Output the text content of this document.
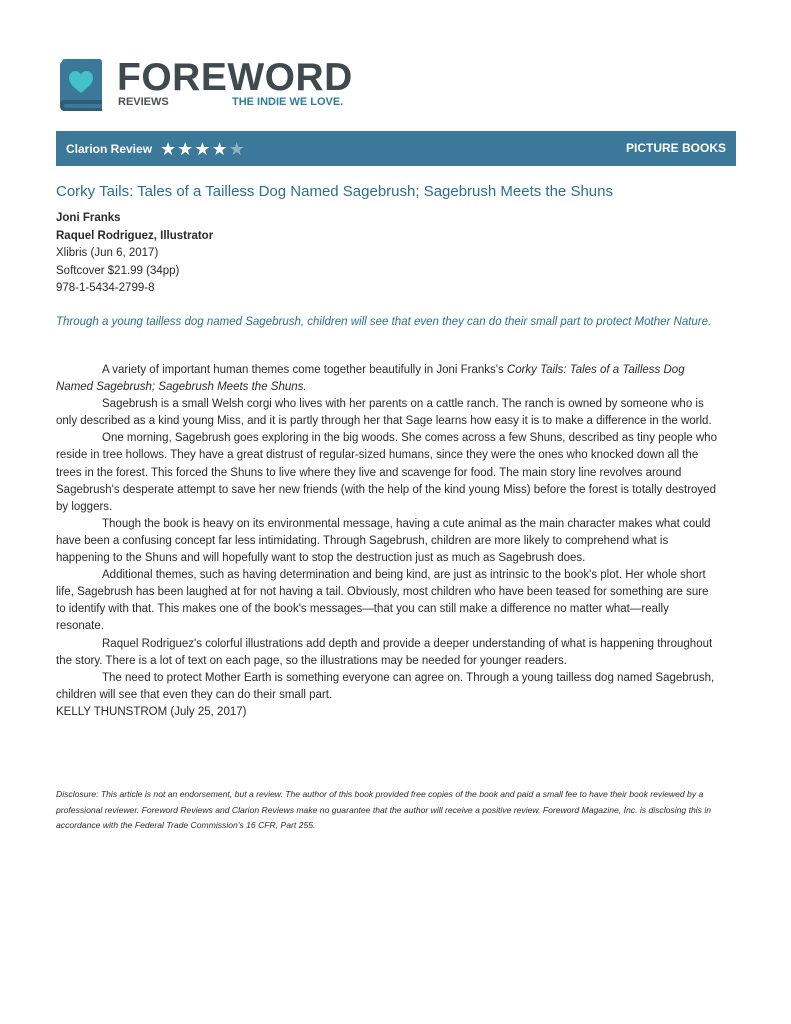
FOREWORD
REVIEWS	THE INDIE WE LOVE.
Clarion Review ★ ★ ★ ★ ★	PICTURE BOOKS
Corky Tails: Tales of a Tailless Dog Named Sagebrush; Sagebrush Meets the Shuns
Joni Franks
Raquel Rodriguez, Illustrator
Xlibris (Jun 6, 2017)
Softcover $21.99 (34pp)
978-1-5434-2799-8
Through a young tailless dog named Sagebrush, children will see that even they can do their small part to protect Mother Nature.

A variety of important human themes come together beautifully in Joni Franks's Corky Tails: Tales of a Tailless Dog Named Sagebrush; Sagebrush Meets the Shuns.

Sagebrush is a small Welsh corgi who lives with her parents on a cattle ranch. The ranch is owned by someone who is only described as a kind young Miss, and it is partly through her that Sage learns how easy it is to make a difference in the world.

One morning, Sagebrush goes exploring in the big woods. She comes across a few Shuns, described as tiny people who reside in tree hollows. They have a great distrust of regular-sized humans, since they were the ones who knocked down all the trees in the forest. This forced the Shuns to live where they live and scavenge for food. The main story line revolves around Sagebrush's desperate attempt to save her new friends (with the help of the kind young Miss) before the forest is totally destroyed by loggers.

Though the book is heavy on its environmental message, having a cute animal as the main character makes what could have been a confusing concept far less intimidating. Through Sagebrush, children are more likely to comprehend what is happening to the Shuns and will hopefully want to stop the destruction just as much as Sagebrush does.

Additional themes, such as having determination and being kind, are just as intrinsic to the book's plot. Her whole short life, Sagebrush has been laughed at for not having a tail. Obviously, most children who have been teased for something are sure to identify with that. This makes one of the book's messages—that you can still make a difference no matter what—really resonate.

Raquel Rodriguez's colorful illustrations add depth and provide a deeper understanding of what is happening throughout the story. There is a lot of text on each page, so the illustrations may be needed for younger readers.

The need to protect Mother Earth is something everyone can agree on. Through a young tailless dog named Sagebrush, children will see that even they can do their small part.

KELLY THUNSTROM (July 25, 2017)

Disclosure: This article is not an endorsement, but a review. The author of this book provided free copies of the book and paid a small fee to have their book reviewed by a professional reviewer. Foreword Reviews and Clarion Reviews make no guarantee that the author will receive a positive review. Foreword Magazine, Inc. is disclosing this in accordance with the Federal Trade Commission's 16 CFR, Part 255.
